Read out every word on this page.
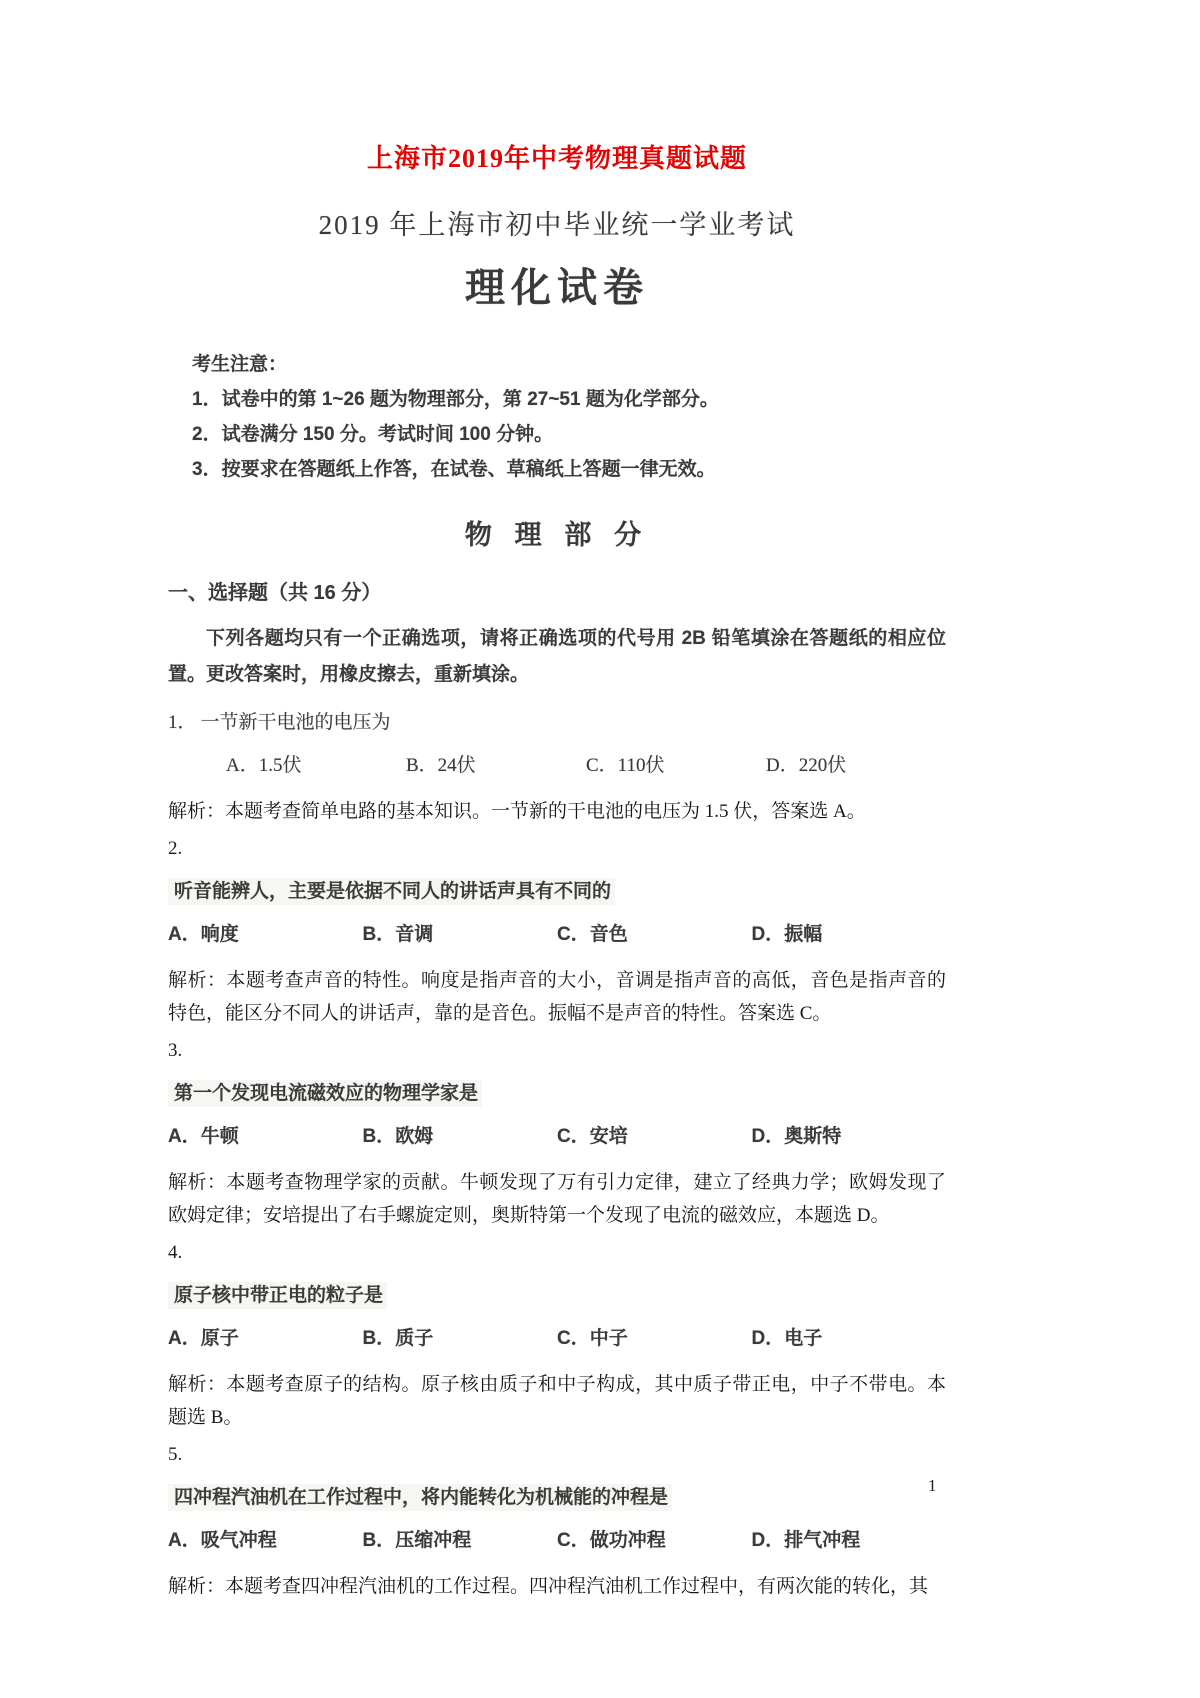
上海市2019年中考物理真题试题
2019 年上海市初中毕业统一学业考试
理化试卷
考生注意：
1．试卷中的第 1~26 题为物理部分，第 27~51 题为化学部分。
2．试卷满分 150 分。考试时间 100 分钟。
3．按要求在答题纸上作答，在试卷、草稿纸上答题一律无效。
物 理 部 分
一、选择题（共 16 分）

下列各题均只有一个正确选项，请将正确选项的代号用 2B 铅笔填涂在答题纸的相应位置。更改答案时，用橡皮擦去，重新填涂。

1． 一节新干电池的电压为
A．1.5伏	B．24伏	C．110伏	D．220伏

解析：本题考查简单电路的基本知识。一节新的干电池的电压为 1.5 伏，答案选 A。

2.
听音能辨人，主要是依据不同人的讲话声具有不同的
A．响度	B．音调	C．音色	D．振幅

解析：本题考查声音的特性。响度是指声音的大小，音调是指声音的高低，音色是指声音的特色，能区分不同人的讲话声，靠的是音色。振幅不是声音的特性。答案选 C。

3.
第一个发现电流磁效应的物理学家是
A．牛顿	B．欧姆	C．安培	D．奥斯特

解析：本题考查物理学家的贡献。牛顿发现了万有引力定律，建立了经典力学；欧姆发现了欧姆定律；安培提出了右手螺旋定则，奥斯特第一个发现了电流的磁效应，本题选 D。

4.
原子核中带正电的粒子是
A．原子	B．质子	C．中子	D．电子

解析：本题考查原子的结构。原子核由质子和中子构成，其中质子带正电，中子不带电。本题选 B。

5.
四冲程汽油机在工作过程中，将内能转化为机械能的冲程是
A．吸气冲程	B．压缩冲程	C．做功冲程	D．排气冲程

解析：本题考查四冲程汽油机的工作过程。四冲程汽油机工作过程中，有两次能的转化，其

1
